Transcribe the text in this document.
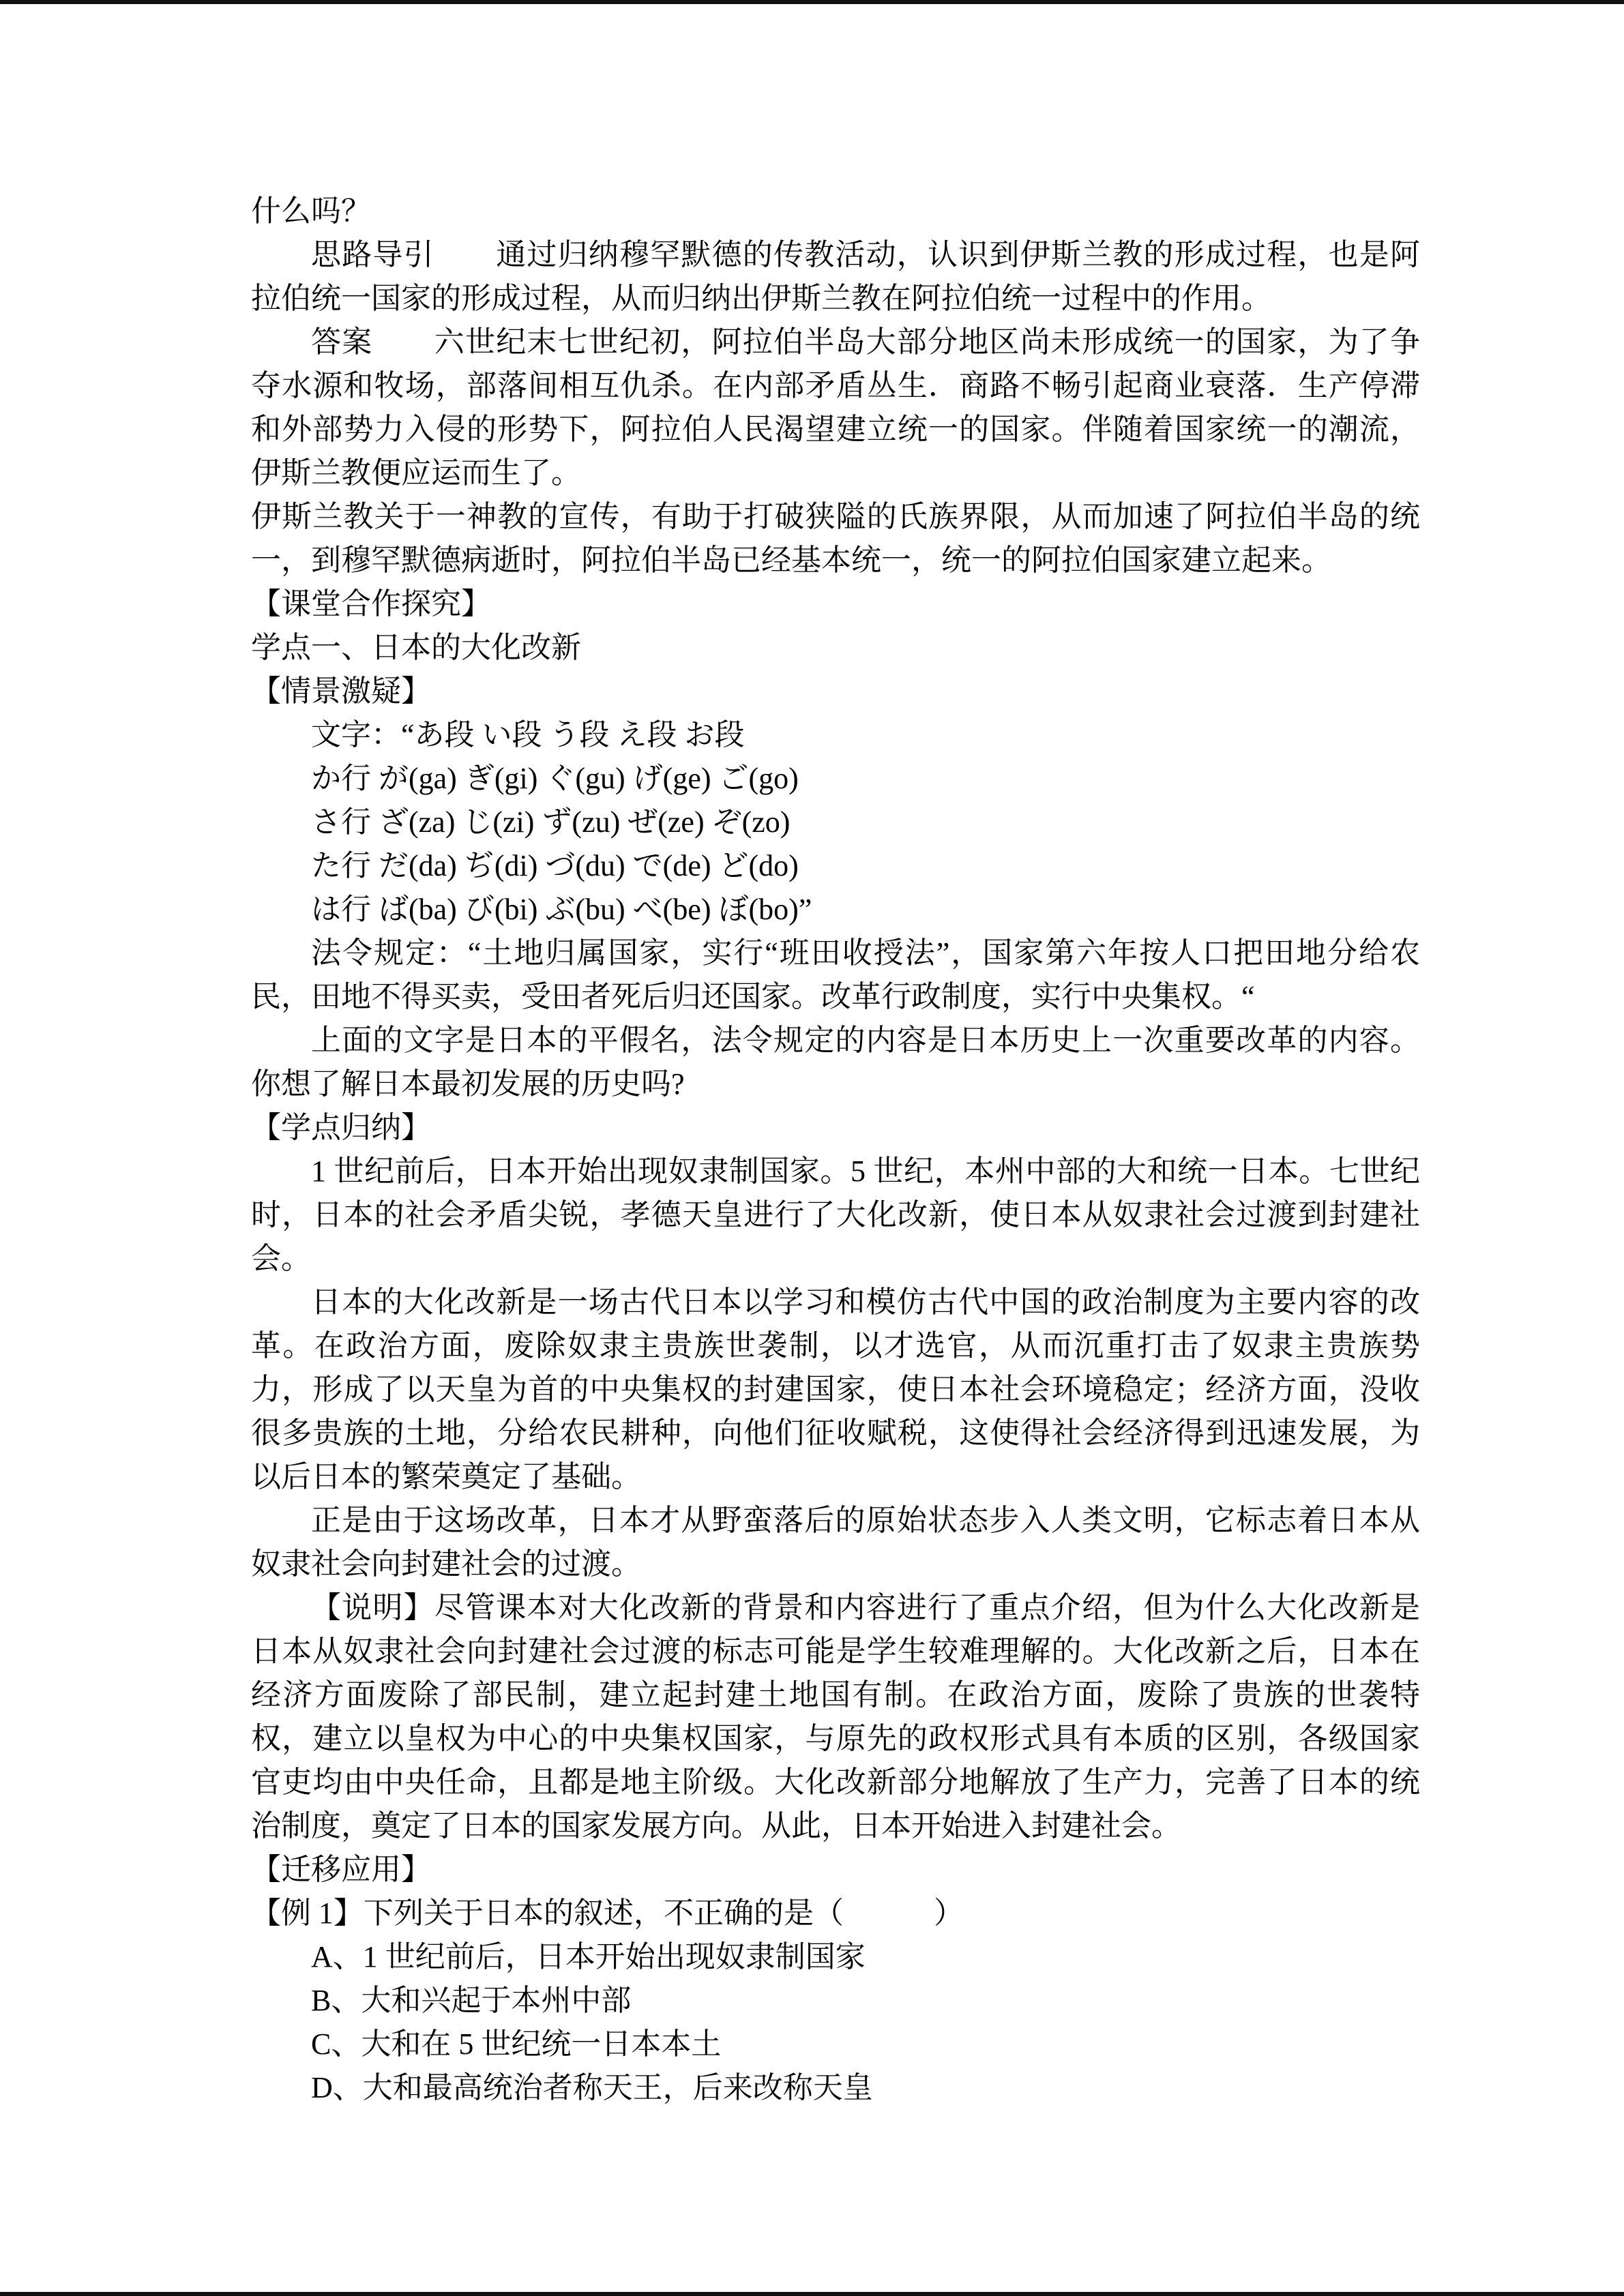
什么吗？

思路导引　　通过归纳穆罕默德的传教活动，认识到伊斯兰教的形成过程，也是阿拉伯统一国家的形成过程，从而归纳出伊斯兰教在阿拉伯统一过程中的作用。

答案　　六世纪末七世纪初，阿拉伯半岛大部分地区尚未形成统一的国家，为了争夺水源和牧场，部落间相互仇杀。在内部矛盾丛生．商路不畅引起商业衰落．生产停滞和外部势力入侵的形势下，阿拉伯人民渴望建立统一的国家。伴随着国家统一的潮流，伊斯兰教便应运而生了。

伊斯兰教关于一神教的宣传，有助于打破狭隘的氏族界限，从而加速了阿拉伯半岛的统一，到穆罕默德病逝时，阿拉伯半岛已经基本统一，统一的阿拉伯国家建立起来。

【课堂合作探究】

学点一、日本的大化改新

【情景激疑】

文字：“あ段 い段 う段 え段 お段

か行 が(ga) ぎ(gi) ぐ(gu) げ(ge) ご(go)

さ行 ざ(za) じ(zi) ず(zu) ぜ(ze) ぞ(zo)

た行 だ(da) ぢ(di) づ(du) で(de) ど(do)

は行 ば(ba) び(bi) ぶ(bu) べ(be) ぼ(bo)”

法令规定：“土地归属国家，实行“班田收授法”，国家第六年按人口把田地分给农民，田地不得买卖，受田者死后归还国家。改革行政制度，实行中央集权。“

上面的文字是日本的平假名，法令规定的内容是日本历史上一次重要改革的内容。你想了解日本最初发展的历史吗?

【学点归纳】

1 世纪前后，日本开始出现奴隶制国家。5 世纪，本州中部的大和统一日本。七世纪时，日本的社会矛盾尖锐，孝德天皇进行了大化改新，使日本从奴隶社会过渡到封建社会。

日本的大化改新是一场古代日本以学习和模仿古代中国的政治制度为主要内容的改革。在政治方面，废除奴隶主贵族世袭制，以才选官，从而沉重打击了奴隶主贵族势力，形成了以天皇为首的中央集权的封建国家，使日本社会环境稳定；经济方面，没收很多贵族的土地，分给农民耕种，向他们征收赋税，这使得社会经济得到迅速发展，为以后日本的繁荣奠定了基础。

正是由于这场改革，日本才从野蛮落后的原始状态步入人类文明，它标志着日本从奴隶社会向封建社会的过渡。

【说明】尽管课本对大化改新的背景和内容进行了重点介绍，但为什么大化改新是日本从奴隶社会向封建社会过渡的标志可能是学生较难理解的。大化改新之后，日本在经济方面废除了部民制，建立起封建土地国有制。在政治方面，废除了贵族的世袭特权，建立以皇权为中心的中央集权国家，与原先的政权形式具有本质的区别，各级国家官吏均由中央任命，且都是地主阶级。大化改新部分地解放了生产力，完善了日本的统治制度，奠定了日本的国家发展方向。从此，日本开始进入封建社会。

【迁移应用】

【例 1】下列关于日本的叙述，不正确的是（　　　）

A、1 世纪前后，日本开始出现奴隶制国家

B、大和兴起于本州中部

C、大和在 5 世纪统一日本本土

D、大和最高统治者称天王，后来改称天皇
